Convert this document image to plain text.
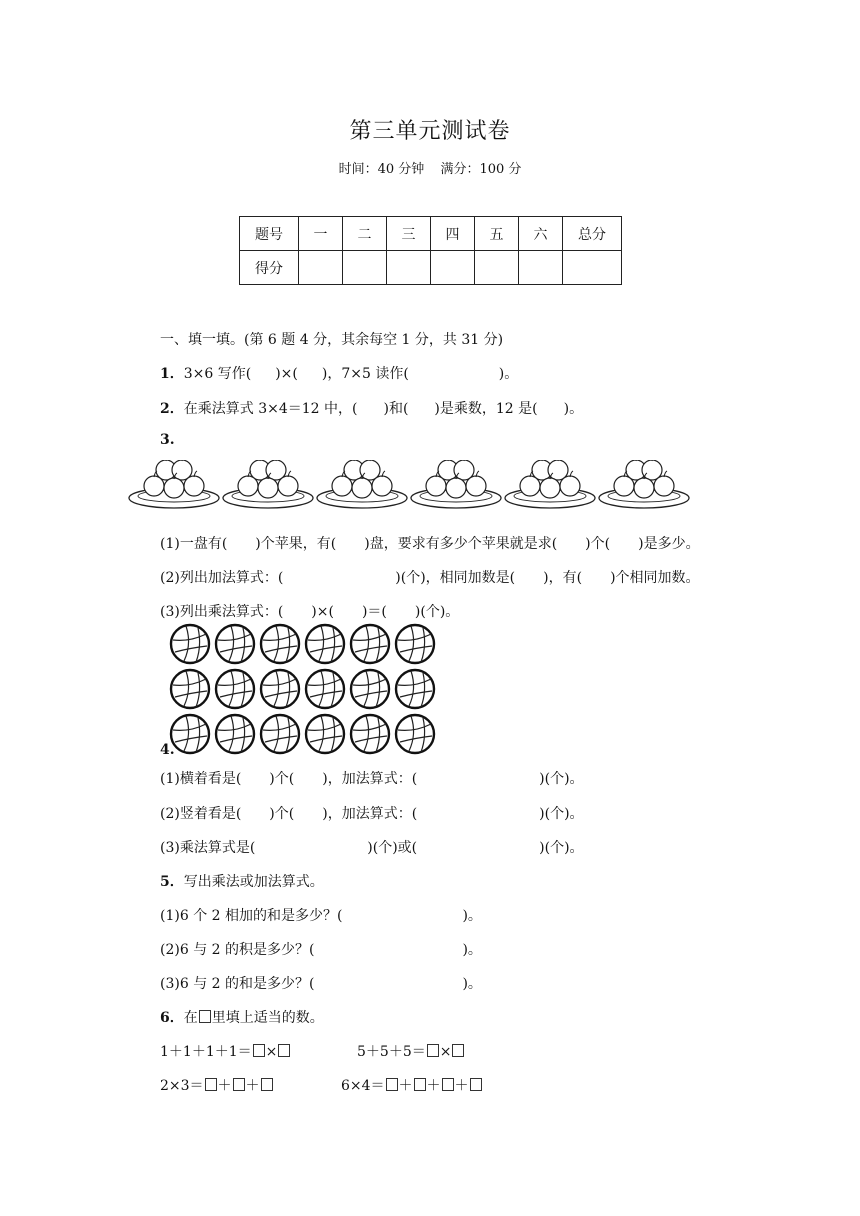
第三单元测试卷
时间：40 分钟 满分：100 分
题号	一	二	三	四	五	六	总分
得分							
一、填一填。(第 6 题 4 分，其余每空 1 分，共 31 分)
1．3×6 写作( )×( )，7×5 读作(	)。
2．在乘法算式 3×4＝12 中，( )和( )是乘数，12 是( )。
3.
(1)一盘有( )个苹果，有( )盘，要求有多少个苹果就是求( )个( )是多少。
(2)列出加法算式：(	)(个)，相同加数是( )，有( )个相同加数。
(3)列出乘法算式：( )×( )＝( )(个)。
4.
(1)横着看是( )个( )，加法算式：(	)(个)。
(2)竖着看是( )个( )，加法算式：(	)(个)。
(3)乘法算式是(	)(个)或(	)(个)。
5．写出乘法或加法算式。
(1)6 个 2 相加的和是多少？(	)。
(2)6 与 2 的积是多少？(	)。
(3)6 与 2 的和是多少？(	)。
6．在 里填上适当的数。
1＋1＋1＋1＝ ×	5＋5＋5＝ ×
2×3＝ ＋ ＋	6×4＝ ＋ ＋ ＋
